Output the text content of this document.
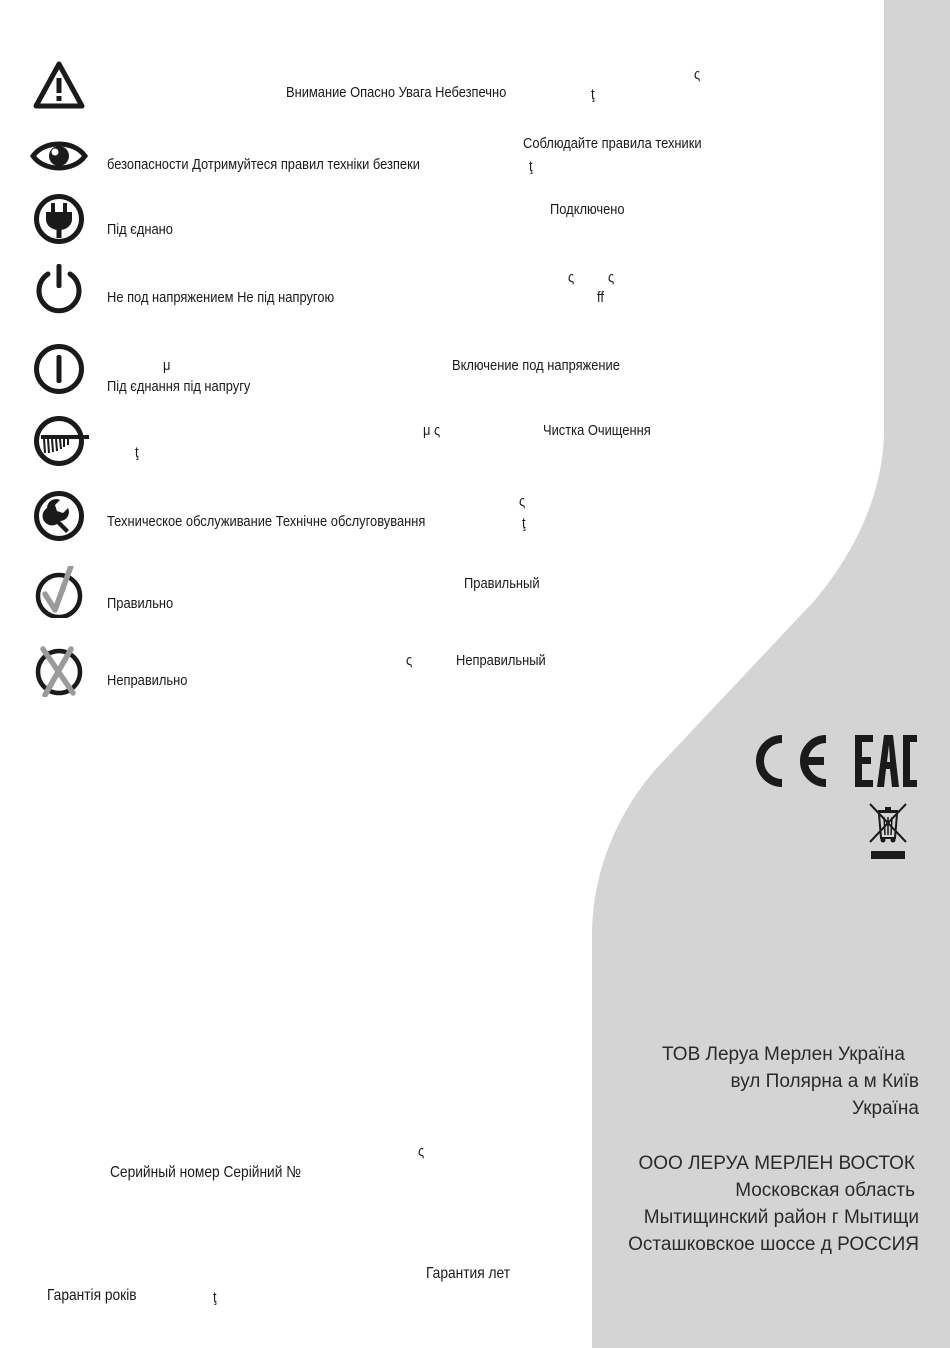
Внимание Опасно Увага Небезпечно	ţ
ς
Соблюдайте правила техники
безопасности Дотримуйтеся правил техніки безпеки	ţ
Подключено
Під єднано
ς ς
Не под напряжением Не під напругою	ff
μ	Включение под напряжение
Під єднання під напругу
μ ς	Чистка Очищення
ţ
ς
Техническое обслуживание Технічне обслуговування	ţ
Правильный
Правильно
ς	Неправильный
Неправильно
ς
Серийный номер Серійний №
Гарантия лет
Гарантія років	ţ
ТОВ Леруа Мерлен Україна
вул Полярна а м Київ
Україна
ООО ЛЕРУА МЕРЛЕН ВОСТОК
Московская область
Мытищинский район г Мытищи
Осташковское шоссе д РОССИЯ
